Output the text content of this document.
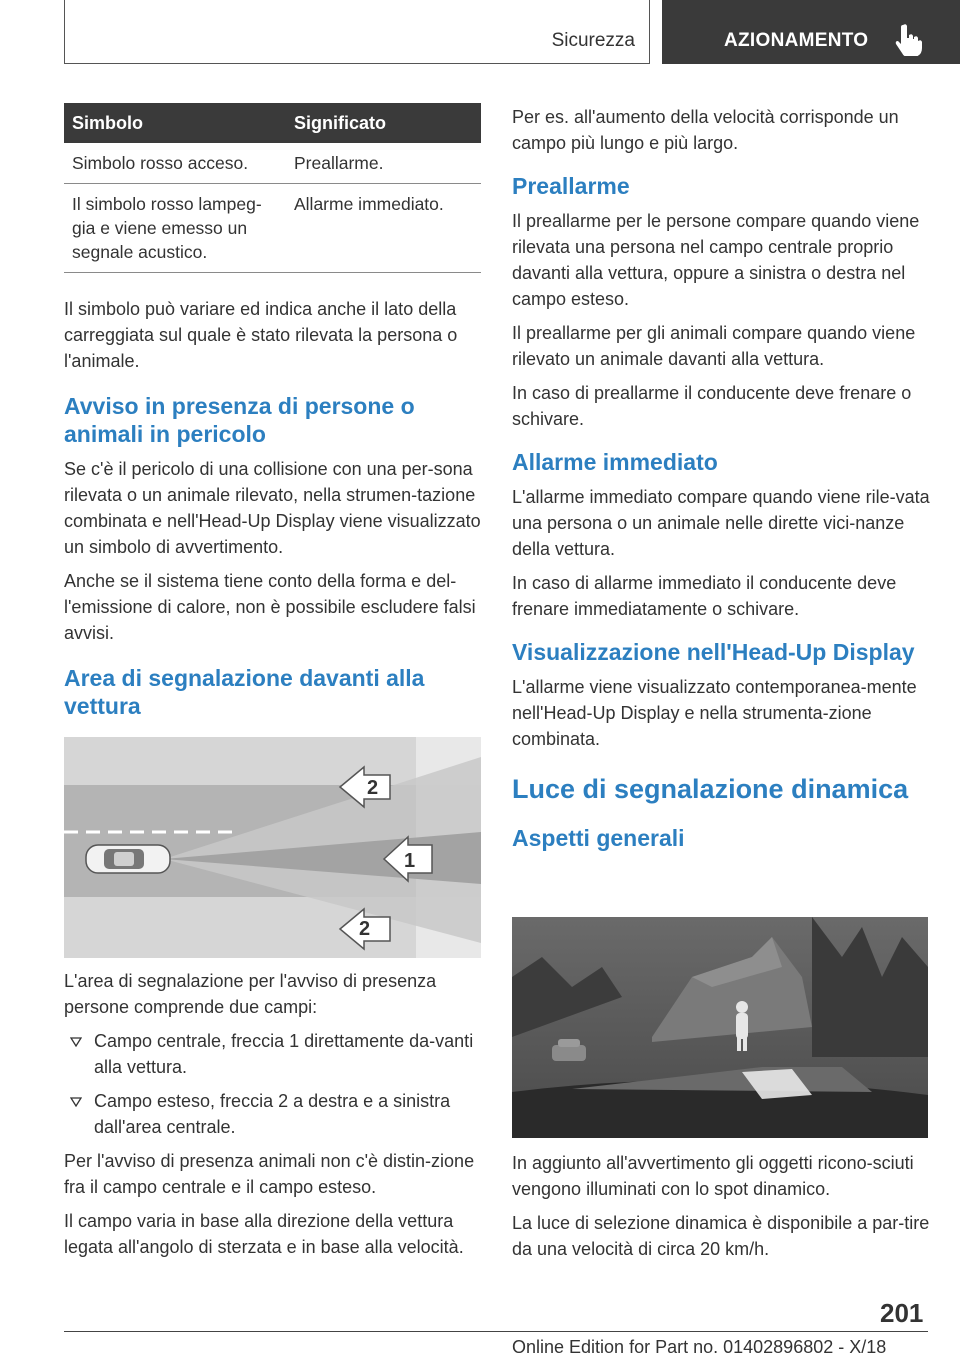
Sicurezza	AZIONAMENTO
Simbolo	Significato
Simbolo rosso acceso.	Preallarme.
Il simbolo rosso lampeg-
gia e viene emesso un
segnale acustico.	Allarme immediato.

Il simbolo può variare ed indica anche il lato della carreggiata sul quale è stato rilevata la persona o l'animale.

Avviso in presenza di persone o animali in pericolo

Se c'è il pericolo di una collisione con una per-sona rilevata o un animale rilevato, nella strumen-tazione combinata e nell'Head-Up Display viene visualizzato un simbolo di avvertimento.

Anche se il sistema tiene conto della forma e del-l'emissione di calore, non è possibile escludere falsi avvisi.

Area di segnalazione davanti alla vettura
2
1
2

L'area di segnalazione per l'avviso di presenza persone comprende due campi:

Campo centrale, freccia 1 direttamente da-vanti alla vettura.
Campo esteso, freccia 2 a destra e a sinistra dall'area centrale.

Per l'avviso di presenza animali non c'è distin-zione fra il campo centrale e il campo esteso.

Il campo varia in base alla direzione della vettura legata all'angolo di sterzata e in base alla velocità.

Per es. all'aumento della velocità corrisponde un campo più lungo e più largo.

Preallarme

Il preallarme per le persone compare quando viene rilevata una persona nel campo centrale proprio davanti alla vettura, oppure a sinistra o destra nel campo esteso.

Il preallarme per gli animali compare quando viene rilevato un animale davanti alla vettura.

In caso di preallarme il conducente deve frenare o schivare.

Allarme immediato

L'allarme immediato compare quando viene rile-vata una persona o un animale nelle dirette vici-nanze della vettura.

In caso di allarme immediato il conducente deve frenare immediatamente o schivare.

Visualizzazione nell'Head-Up Display

L'allarme viene visualizzato contemporanea-mente nell'Head-Up Display e nella strumenta-zione combinata.

Luce di segnalazione dinamica
Aspetti generali

In aggiunto all'avvertimento gli oggetti ricono-sciuti vengono illuminati con lo spot dinamico.

La luce di selezione dinamica è disponibile a par-tire da una velocità di circa 20 km/h.

201
Online Edition for Part no. 01402896802 - X/18
